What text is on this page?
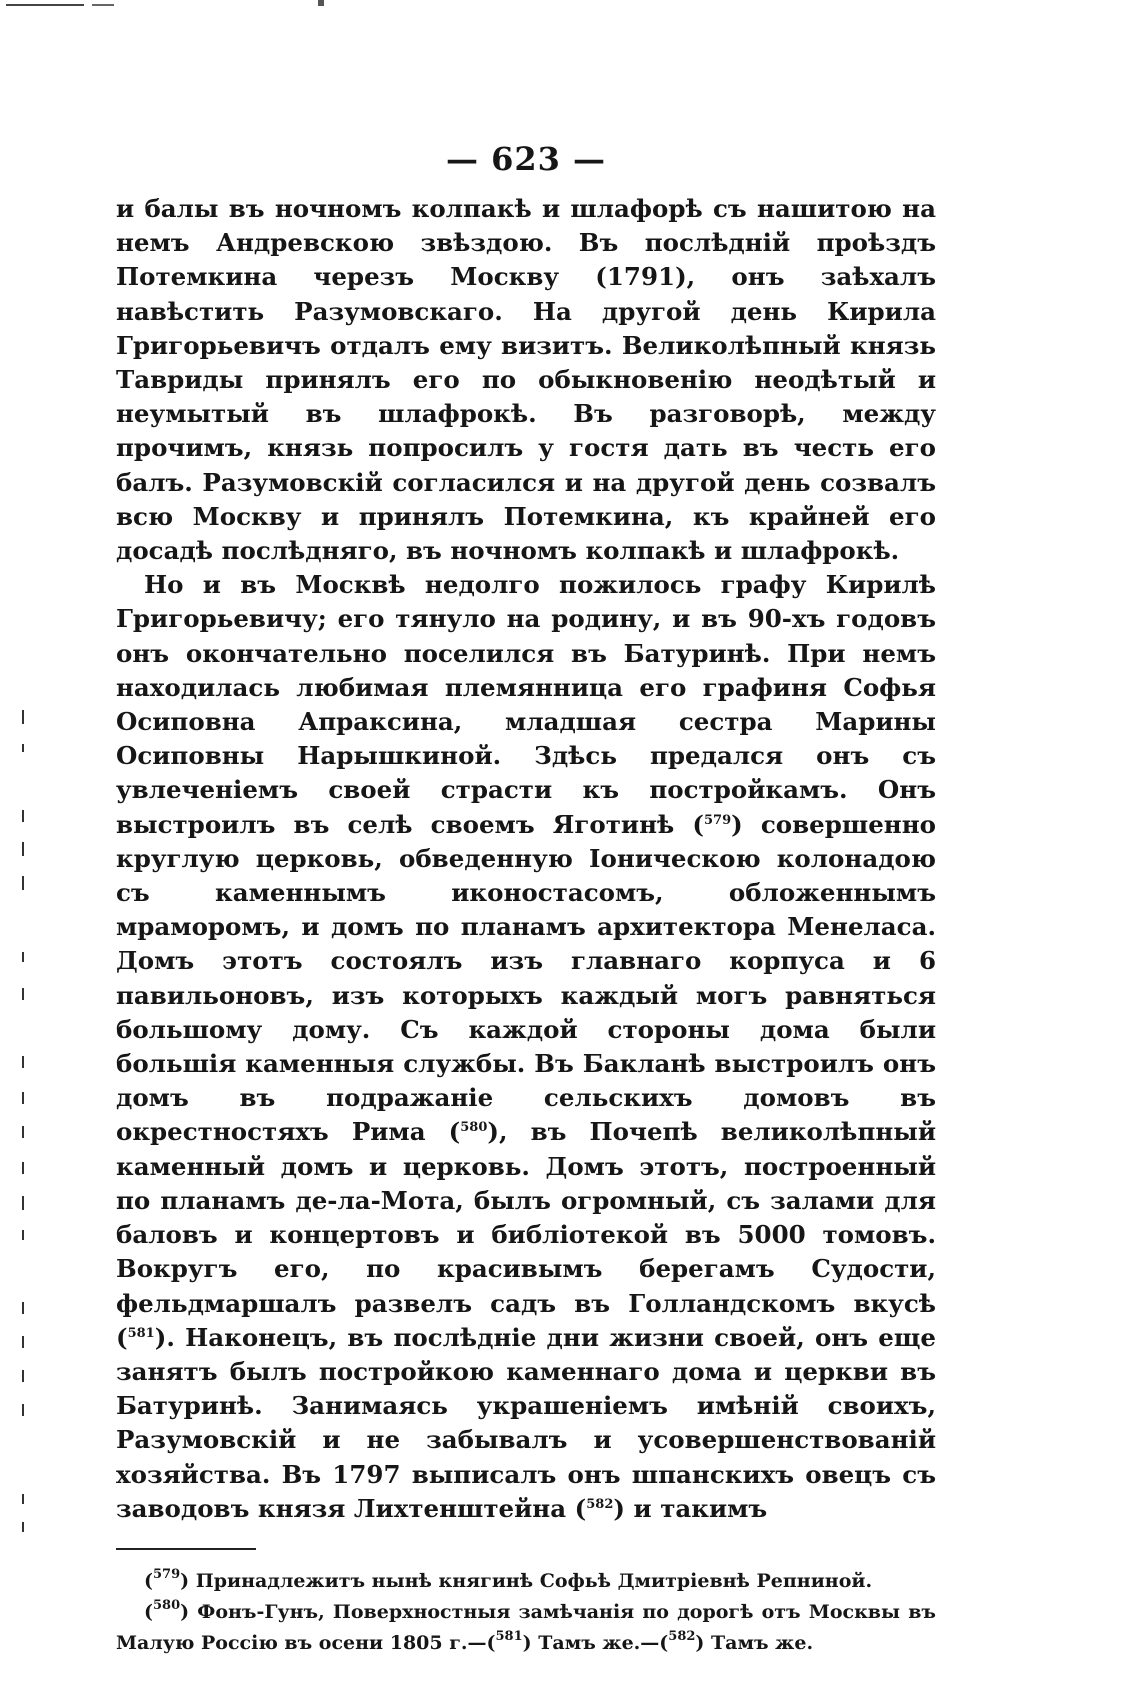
— 623 —

и балы въ ночномъ колпакѣ и шлафорѣ съ нашитою на немъ Андревскою звѣздою. Въ послѣднiй проѣздъ Потемкина черезъ Москву (1791), онъ заѣхалъ навѣстить Разумовскаго. На другой день Кирила Григорьевичъ отдалъ ему визитъ. Великолѣпный князь Тавриды принялъ его по обыкновенiю неодѣтый и неумытый въ шлафрокѣ. Въ разговорѣ, между прочимъ, князь попросилъ у гостя дать въ честь его балъ. Разумовскiй согласился и на другой день созвалъ всю Москву и принялъ Потемкина, къ крайней его досадѣ послѣдняго, въ ночномъ колпакѣ и шлафрокѣ.

Но и въ Москвѣ недолго пожилось графу Кирилѣ Григорьевичу; его тянуло на родину, и въ 90-хъ годовъ онъ окончательно поселился въ Батуринѣ. При немъ находилась любимая племянница его графиня Софья Осиповна Апраксина, младшая сестра Марины Осиповны Нарышкиной. Здѣсь предался онъ съ увлеченiемъ своей страсти къ постройкамъ. Онъ выстроилъ въ селѣ своемъ Яготинѣ ($^{579}$) совершенно круглую церковь, обведенную Iоническою колонадою съ каменнымъ иконостасомъ, обложеннымъ мраморомъ, и домъ по планамъ архитектора Менеласа. Домъ этотъ состоялъ изъ главнаго корпуса и 6 павильоновъ, изъ которыхъ каждый могъ равняться большому дому. Съ каждой стороны дома были большiя каменныя службы. Въ Бакланѣ выстроилъ онъ домъ въ подражанiе сельскихъ домовъ въ окрестностяхъ Рима ($^{580}$), въ Почепѣ великолѣпный каменный домъ и церковь. Домъ этотъ, построенный по планамъ де-ла-Мота, былъ огромный, съ залами для баловъ и концертовъ и библiотекой въ 5000 томовъ. Вокругъ его, по красивымъ берегамъ Судости, фельдмаршалъ развелъ садъ въ Голландскомъ вкусѣ ($^{581}$). Наконецъ, въ послѣднiе дни жизни своей, онъ еще занятъ былъ постройкою каменнаго дома и церкви въ Батуринѣ. Занимаясь украшенiемъ имѣнiй своихъ, Разумовскiй и не забывалъ и усовершенствованiй хозяйства. Въ 1797 выписалъ онъ шпанскихъ овецъ съ заводовъ князя Лихтенштейна ($^{582}$) и такимъ

($^{579}$) Принадлежитъ нынѣ княгинѣ Софьѣ Дмитрiевнѣ Репниной.

($^{580}$) Фонъ-Гунъ, Поверхностныя замѣчанiя по дорогѣ отъ Москвы въ Малую Россiю въ осени 1805 г.—($^{581}$) Тамъ же.—($^{582}$) Тамъ же.
